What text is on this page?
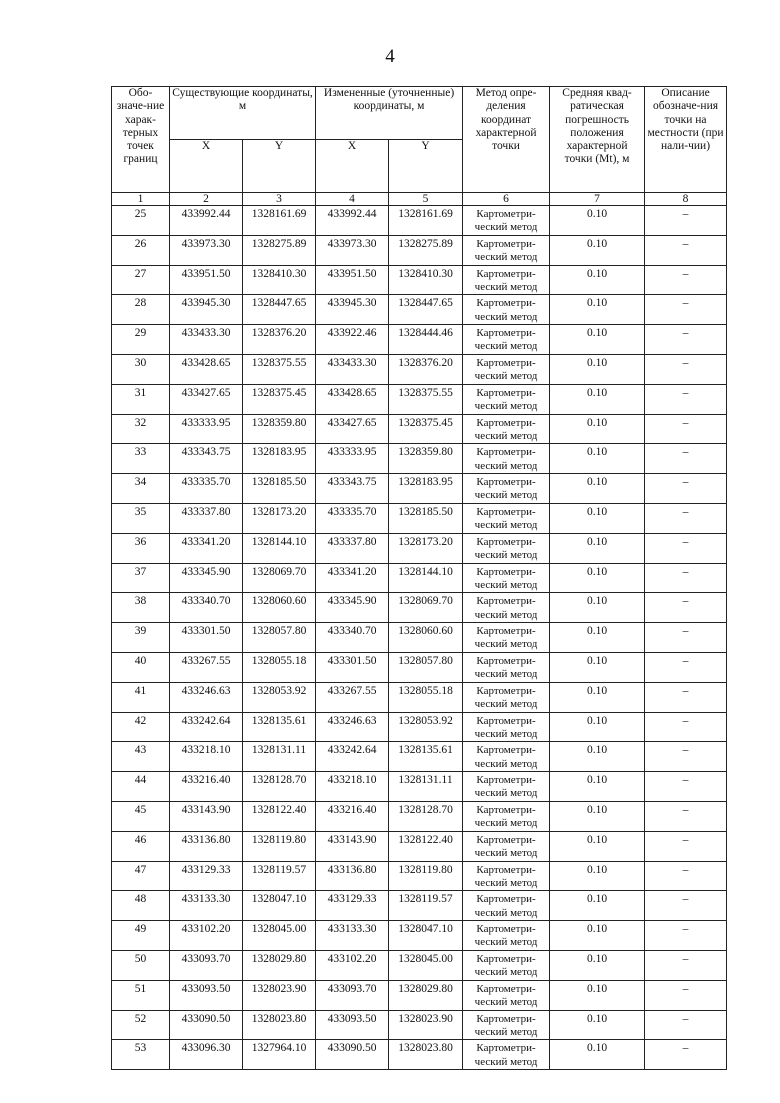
4
Обо-значе-ние харак-терных точек границ	Существующие координаты, м		Измененные (уточненные) координаты, м		Метод опре-деления координат характерной точки	Средняя квад-ратическая погрешность положения характерной точки (Mt), м	Описание обозначе-ния точки на местности (при нали-чии)
	X	Y	X	Y			
1	2	3	4	5	6	7	8
25	433992.44	1328161.69	433992.44	1328161.69	Картометри-ческий метод	0.10	–
26	433973.30	1328275.89	433973.30	1328275.89	Картометри-ческий метод	0.10	–
27	433951.50	1328410.30	433951.50	1328410.30	Картометри-ческий метод	0.10	–
28	433945.30	1328447.65	433945.30	1328447.65	Картометри-ческий метод	0.10	–
29	433433.30	1328376.20	433922.46	1328444.46	Картометри-ческий метод	0.10	–
30	433428.65	1328375.55	433433.30	1328376.20	Картометри-ческий метод	0.10	–
31	433427.65	1328375.45	433428.65	1328375.55	Картометри-ческий метод	0.10	–
32	433333.95	1328359.80	433427.65	1328375.45	Картометри-ческий метод	0.10	–
33	433343.75	1328183.95	433333.95	1328359.80	Картометри-ческий метод	0.10	–
34	433335.70	1328185.50	433343.75	1328183.95	Картометри-ческий метод	0.10	–
35	433337.80	1328173.20	433335.70	1328185.50	Картометри-ческий метод	0.10	–
36	433341.20	1328144.10	433337.80	1328173.20	Картометри-ческий метод	0.10	–
37	433345.90	1328069.70	433341.20	1328144.10	Картометри-ческий метод	0.10	–
38	433340.70	1328060.60	433345.90	1328069.70	Картометри-ческий метод	0.10	–
39	433301.50	1328057.80	433340.70	1328060.60	Картометри-ческий метод	0.10	–
40	433267.55	1328055.18	433301.50	1328057.80	Картометри-ческий метод	0.10	–
41	433246.63	1328053.92	433267.55	1328055.18	Картометри-ческий метод	0.10	–
42	433242.64	1328135.61	433246.63	1328053.92	Картометри-ческий метод	0.10	–
43	433218.10	1328131.11	433242.64	1328135.61	Картометри-ческий метод	0.10	–
44	433216.40	1328128.70	433218.10	1328131.11	Картометри-ческий метод	0.10	–
45	433143.90	1328122.40	433216.40	1328128.70	Картометри-ческий метод	0.10	–
46	433136.80	1328119.80	433143.90	1328122.40	Картометри-ческий метод	0.10	–
47	433129.33	1328119.57	433136.80	1328119.80	Картометри-ческий метод	0.10	–
48	433133.30	1328047.10	433129.33	1328119.57	Картометри-ческий метод	0.10	–
49	433102.20	1328045.00	433133.30	1328047.10	Картометри-ческий метод	0.10	–
50	433093.70	1328029.80	433102.20	1328045.00	Картометри-ческий метод	0.10	–
51	433093.50	1328023.90	433093.70	1328029.80	Картометри-ческий метод	0.10	–
52	433090.50	1328023.80	433093.50	1328023.90	Картометри-ческий метод	0.10	–
53	433096.30	1327964.10	433090.50	1328023.80	Картометри-ческий метод	0.10	–
